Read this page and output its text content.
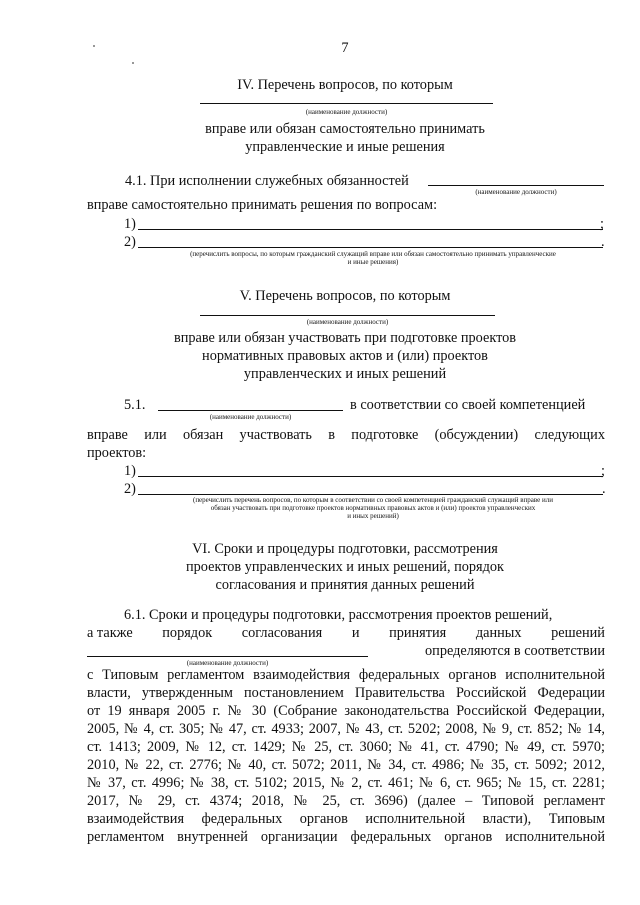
7
IV. Перечень вопросов, по которым
(наименование должности)
вправе или обязан самостоятельно принимать
управленческие и иные решения
4.1. При исполнении служебных обязанностей
(наименование должности)
вправе самостоятельно принимать решения по вопросам:
1)	;
2)	.
(перечислить вопросы, по которым гражданский служащий вправе или обязан самостоятельно принимать управленческие
и иные решения)
V. Перечень вопросов, по которым
(наименование должности)
вправе или обязан участвовать при подготовке проектов
нормативных правовых актов и (или) проектов
управленческих и иных решений
5.1.
(наименование должности)
в соответствии со своей компетенцией
вправе или обязан участвовать в подготовке (обсуждении) следующих
проектов:
1)	;
2)	.
(перечислить перечень вопросов, по которым в соответствии со своей компетенцией гражданский служащий вправе или
обязан участвовать при подготовке проектов нормативных правовых актов и (или) проектов управленческих
и иных решений)
VI. Сроки и процедуры подготовки, рассмотрения
проектов управленческих и иных решений, порядок
согласования и принятия данных решений
6.1. Сроки и процедуры подготовки, рассмотрения проектов решений,
а также порядок согласования и принятия данных решений
(наименование должности)
определяются в соответствии
с Типовым регламентом взаимодействия федеральных органов исполнительной
власти, утвержденным постановлением Правительства Российской Федерации
от 19 января 2005 г. № 30 (Собрание законодательства Российской Федерации,
2005, № 4, ст. 305; № 47, ст. 4933; 2007, № 43, ст. 5202; 2008, № 9, ст. 852; № 14,
ст. 1413; 2009, № 12, ст. 1429; № 25, ст. 3060; № 41, ст. 4790; № 49, ст. 5970;
2010, № 22, ст. 2776; № 40, ст. 5072; 2011, № 34, ст. 4986; № 35, ст. 5092; 2012,
№ 37, ст. 4996; № 38, ст. 5102; 2015, № 2, ст. 461; № 6, ст. 965; № 15, ст. 2281;
2017, № 29, ст. 4374; 2018, № 25, ст. 3696) (далее – Типовой регламент
взаимодействия федеральных органов исполнительной власти), Типовым
регламентом внутренней организации федеральных органов исполнительной
